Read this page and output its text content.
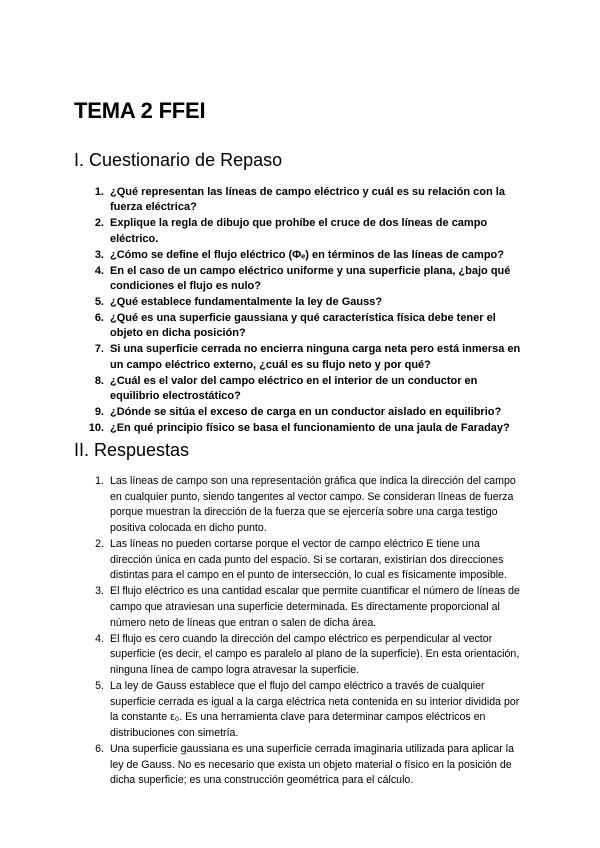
TEMA 2 FFEI
I. Cuestionario de Repaso
1. ¿Qué representan las líneas de campo eléctrico y cuál es su relación con la fuerza eléctrica?
2. Explique la regla de dibujo que prohíbe el cruce de dos líneas de campo eléctrico.
3. ¿Cómo se define el flujo eléctrico (Φₑ) en términos de las líneas de campo?
4. En el caso de un campo eléctrico uniforme y una superficie plana, ¿bajo qué condiciones el flujo es nulo?
5. ¿Qué establece fundamentalmente la ley de Gauss?
6. ¿Qué es una superficie gaussiana y qué característica física debe tener el objeto en dicha posición?
7. Si una superficie cerrada no encierra ninguna carga neta pero está inmersa en un campo eléctrico externo, ¿cuál es su flujo neto y por qué?
8. ¿Cuál es el valor del campo eléctrico en el interior de un conductor en equilibrio electrostático?
9. ¿Dónde se sitúa el exceso de carga en un conductor aislado en equilibrio?
10. ¿En qué principio físico se basa el funcionamiento de una jaula de Faraday?
II. Respuestas
1. Las líneas de campo son una representación gráfica que indica la dirección del campo en cualquier punto, siendo tangentes al vector campo. Se consideran líneas de fuerza porque muestran la dirección de la fuerza que se ejercería sobre una carga testigo positiva colocada en dicho punto.
2. Las líneas no pueden cortarse porque el vector de campo eléctrico E tiene una dirección única en cada punto del espacio. Si se cortaran, existirían dos direcciones distintas para el campo en el punto de intersección, lo cual es físicamente imposible.
3. El flujo eléctrico es una cantidad escalar que permite cuantificar el número de líneas de campo que atraviesan una superficie determinada. Es directamente proporcional al número neto de líneas que entran o salen de dicha área.
4. El flujo es cero cuando la dirección del campo eléctrico es perpendicular al vector superficie (es decir, el campo es paralelo al plano de la superficie). En esta orientación, ninguna línea de campo logra atravesar la superficie.
5. La ley de Gauss establece que el flujo del campo eléctrico a través de cualquier superficie cerrada es igual a la carga eléctrica neta contenida en su interior dividida por la constante ε₀. Es una herramienta clave para determinar campos eléctricos en distribuciones con simetría.
6. Una superficie gaussiana es una superficie cerrada imaginaria utilizada para aplicar la ley de Gauss. No es necesario que exista un objeto material o físico en la posición de dicha superficie; es una construcción geométrica para el cálculo.
